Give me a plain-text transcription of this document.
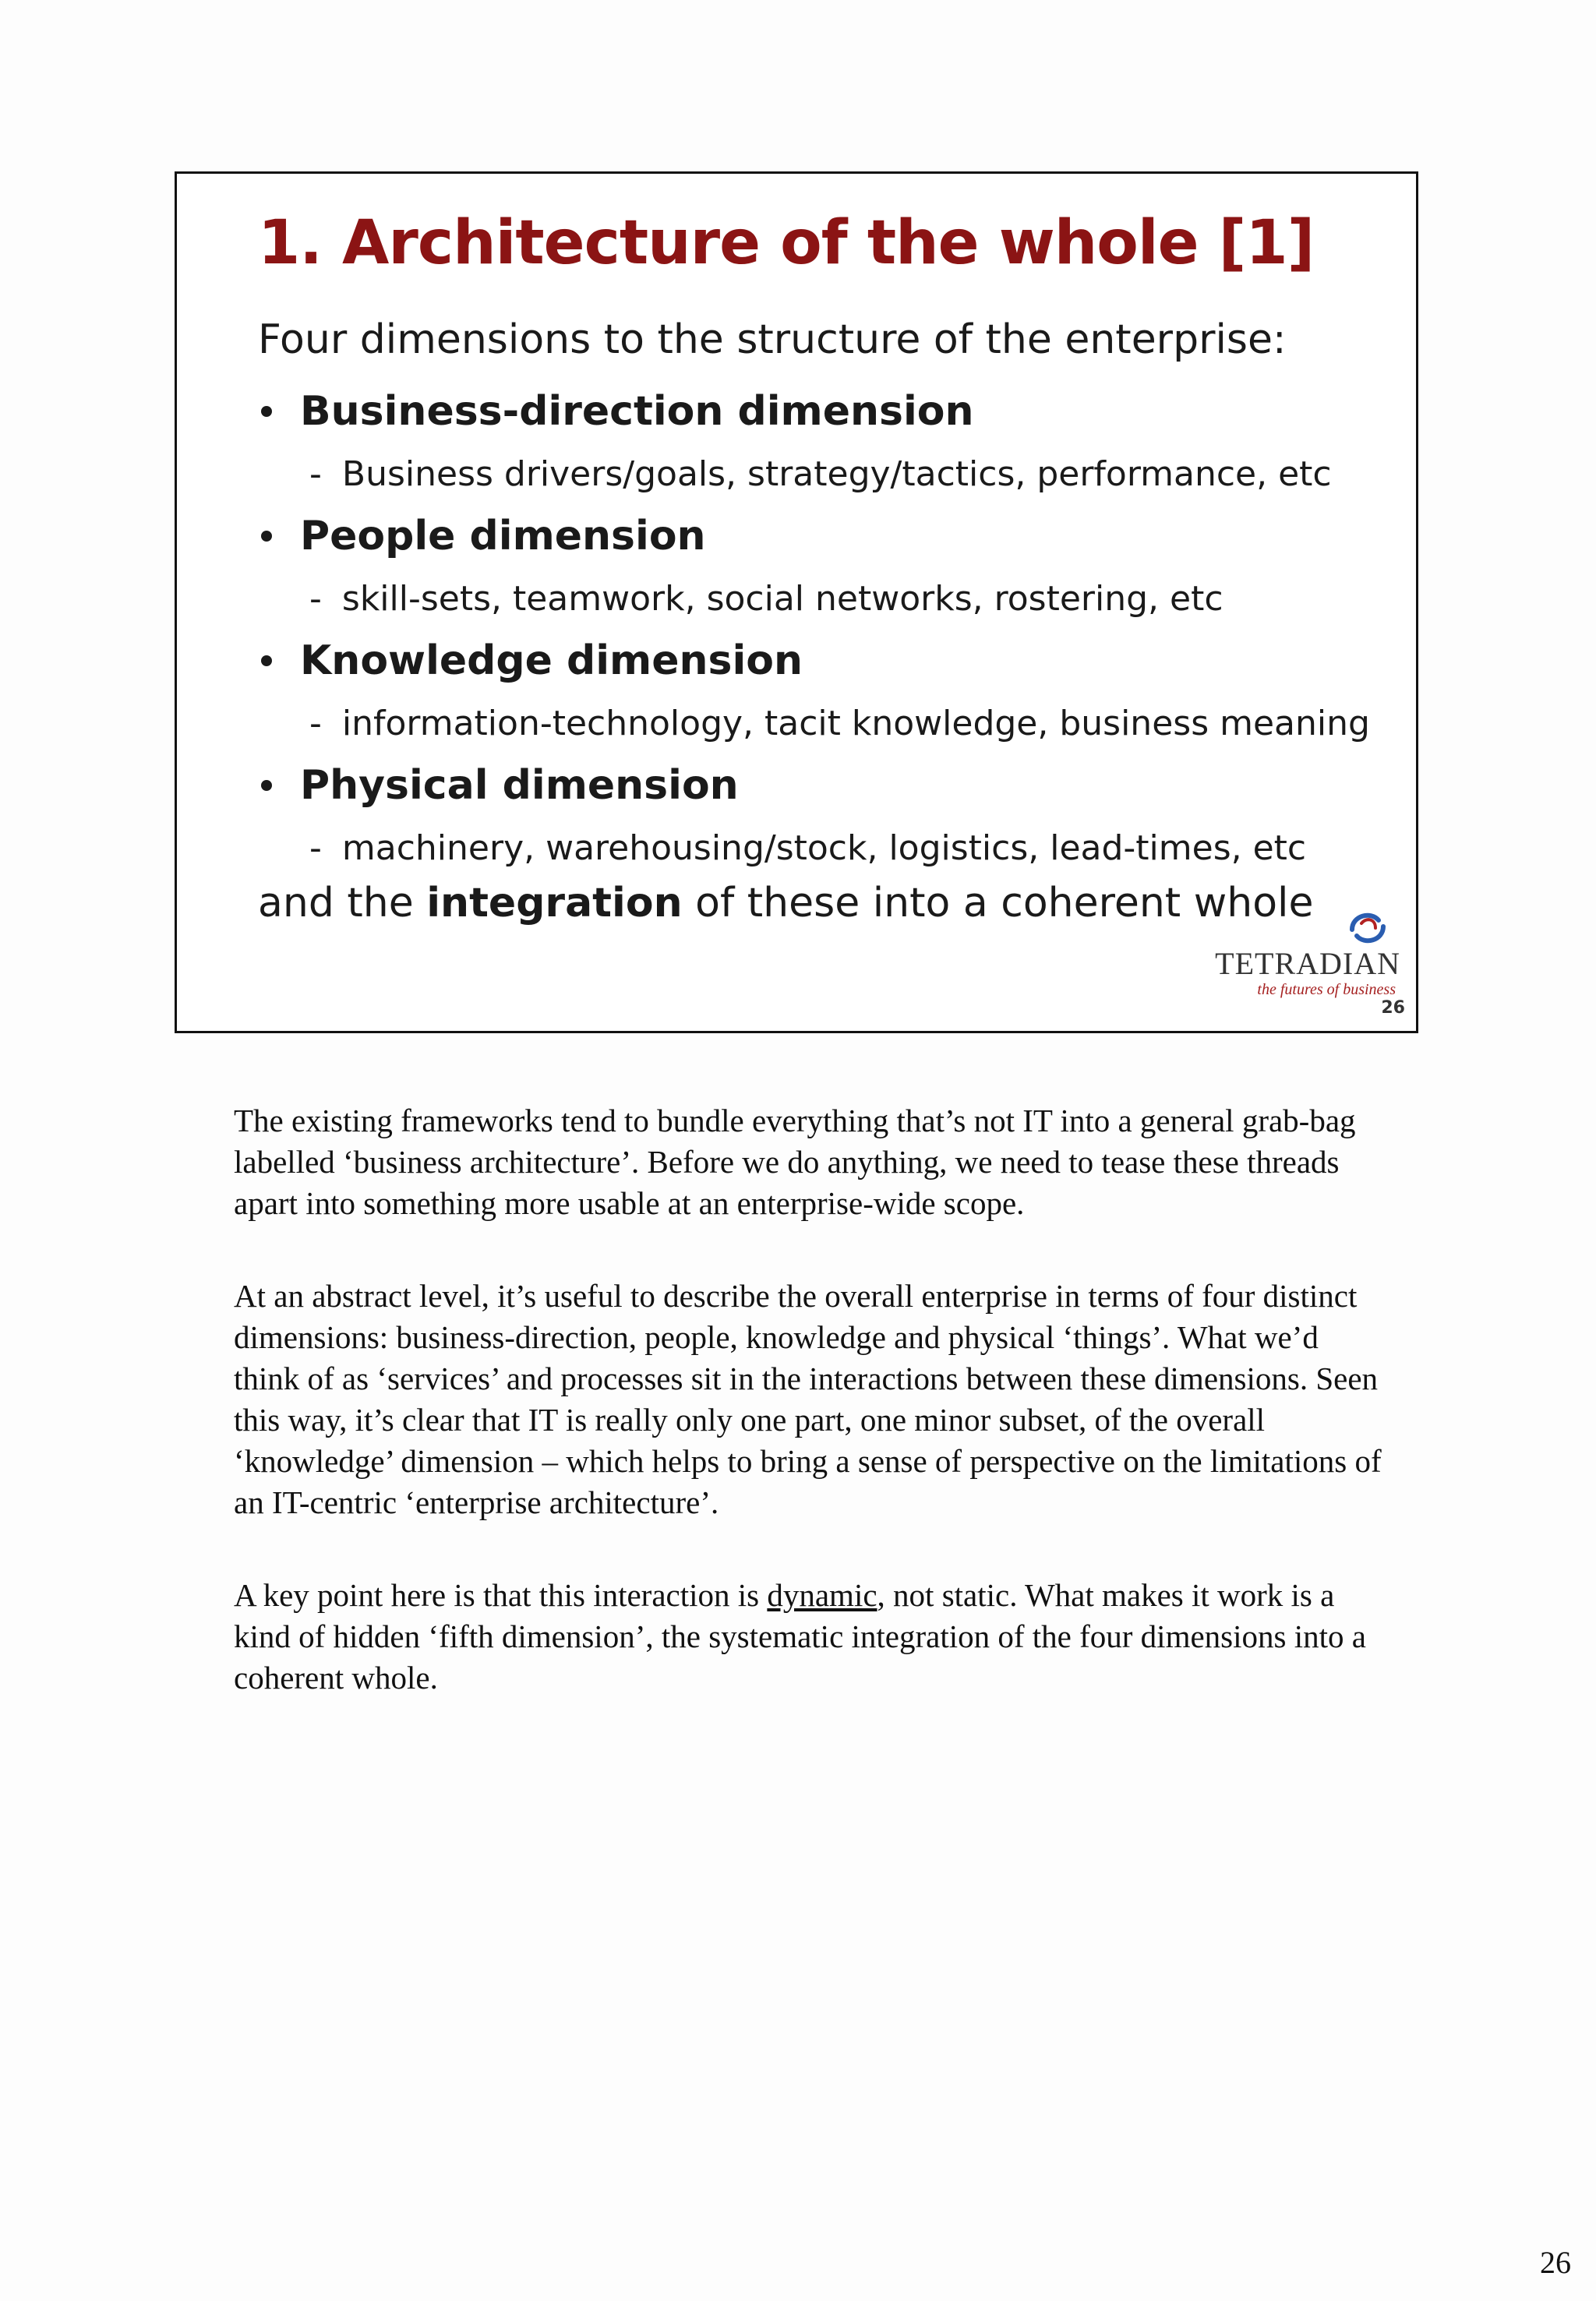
1. Architecture of the whole [1]
Four dimensions to the structure of the enterprise:
Business-direction dimension
- Business drivers/goals, strategy/tactics, performance, etc
People dimension
- skill-sets, teamwork, social networks, rostering, etc
Knowledge dimension
- information-technology, tacit knowledge, business meaning
Physical dimension
- machinery, warehousing/stock, logistics, lead-times, etc
and the integration of these into a coherent whole
TETRADIAN
the futures of business
26

The existing frameworks tend to bundle everything that’s not IT into a general grab-bag labelled ‘business architecture’. Before we do anything, we need to tease these threads apart into something more usable at an enterprise-wide scope.

At an abstract level, it’s useful to describe the overall enterprise in terms of four distinct dimensions: business-direction, people, knowledge and physical ‘things’. What we’d think of as ‘services’ and processes sit in the interactions between these dimensions. Seen this way, it’s clear that IT is really only one part, one minor subset, of the overall ‘knowledge’ dimension – which helps to bring a sense of perspective on the limitations of an IT-centric ‘enterprise architecture’.

A key point here is that this interaction is dynamic, not static. What makes it work is a kind of hidden ‘fifth dimension’, the systematic integration of the four dimensions into a coherent whole.

26
